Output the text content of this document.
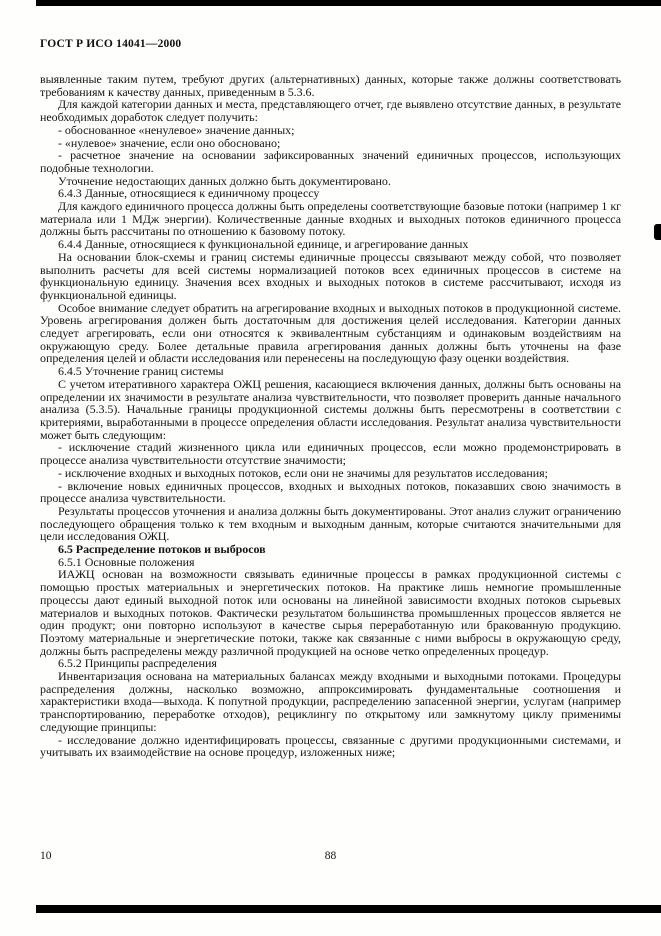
ГОСТ Р ИСО 14041—2000

выявленные таким путем, требуют других (альтернативных) данных, которые также должны соответствовать требованиям к качеству данных, приведенным в 5.3.6.

Для каждой категории данных и места, представляющего отчет, где выявлено отсутствие данных, в результате необходимых доработок следует получить:

- обоснованное «ненулевое» значение данных;

- «нулевое» значение, если оно обосновано;

- расчетное значение на основании зафиксированных значений единичных процессов, использующих подобные технологии.

Уточнение недостающих данных должно быть документировано.

6.4.3 Данные, относящиеся к единичному процессу

Для каждого единичного процесса должны быть определены соответствующие базовые потоки (например 1 кг материала или 1 МДж энергии). Количественные данные входных и выходных потоков единичного процесса должны быть рассчитаны по отношению к базовому потоку.

6.4.4 Данные, относящиеся к функциональной единице, и агрегирование данных

На основании блок-схемы и границ системы единичные процессы связывают между собой, что позволяет выполнить расчеты для всей системы нормализацией потоков всех единичных процессов в системе на функциональную единицу. Значения всех входных и выходных потоков в системе рассчитывают, исходя из функциональной единицы.

Особое внимание следует обратить на агрегирование входных и выходных потоков в продукционной системе. Уровень агрегирования должен быть достаточным для достижения целей исследования. Категории данных следует агрегировать, если они относятся к эквивалентным субстанциям и одинаковым воздействиям на окружающую среду. Более детальные правила агрегирования данных должны быть уточнены на фазе определения целей и области исследования или перенесены на последующую фазу оценки воздействия.

6.4.5 Уточнение границ системы

С учетом итеративного характера ОЖЦ решения, касающиеся включения данных, должны быть основаны на определении их значимости в результате анализа чувствительности, что позволяет проверить данные начального анализа (5.3.5). Начальные границы продукционной системы должны быть пересмотрены в соответствии с критериями, выработанными в процессе определения области исследования. Результат анализа чувствительности может быть следующим:

- исключение стадий жизненного цикла или единичных процессов, если можно продемонстрировать в процессе анализа чувствительности отсутствие значимости;

- исключение входных и выходных потоков, если они не значимы для результатов исследования;

- включение новых единичных процессов, входных и выходных потоков, показавших свою значимость в процессе анализа чувствительности.

Результаты процессов уточнения и анализа должны быть документированы. Этот анализ служит ограничению последующего обращения только к тем входным и выходным данным, которые считаются значительными для цели исследования ОЖЦ.

6.5 Распределение потоков и выбросов

6.5.1 Основные положения

ИАЖЦ основан на возможности связывать единичные процессы в рамках продукционной системы с помощью простых материальных и энергетических потоков. На практике лишь немногие промышленные процессы дают единый выходной поток или основаны на линейной зависимости входных потоков сырьевых материалов и выходных потоков. Фактически результатом большинства промышленных процессов является не один продукт; они повторно используют в качестве сырья переработанную или бракованную продукцию. Поэтому материальные и энергетические потоки, также как связанные с ними выбросы в окружающую среду, должны быть распределены между различной продукцией на основе четко определенных процедур.

6.5.2 Принципы распределения

Инвентаризация основана на материальных балансах между входными и выходными потоками. Процедуры распределения должны, насколько возможно, аппроксимировать фундаментальные соотношения и характеристики входа—выхода. К попутной продукции, распределению запасенной энергии, услугам (например транспортированию, переработке отходов), рециклингу по открытому или замкнутому циклу применимы следующие принципы:

- исследование должно идентифицировать процессы, связанные с другими продукционными системами, и учитывать их взаимодействие на основе процедур, изложенных ниже;

10	88
